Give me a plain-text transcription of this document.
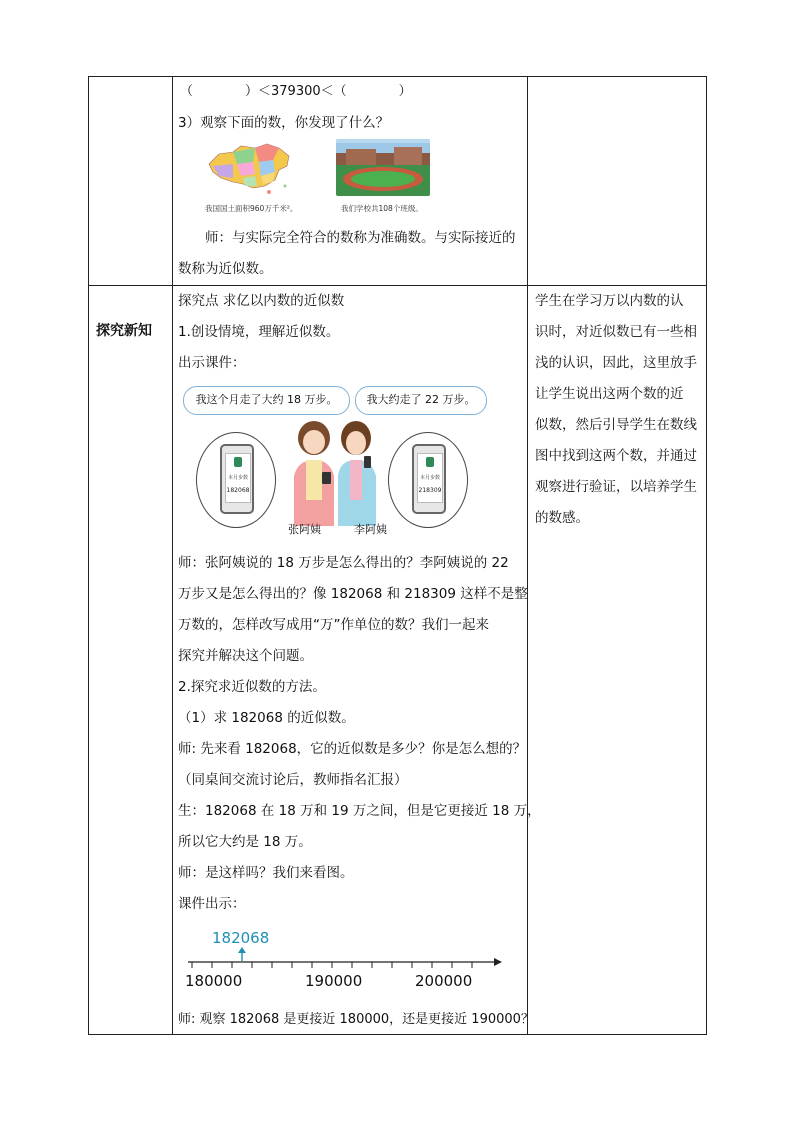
（　　　　）＜379300＜（　　　　）
3）观察下面的数，你发现了什么？
我国国土面积960万千米²。	我们学校共108个班级。
　　师：与实际完全符合的数称为准确数。与实际接近的
数称为近似数。
探究新知
探究点 求亿以内数的近似数
1.创设情境，理解近似数。
出示课件：
我这个月走了大约 18 万步。	我大约走了 22 万步。
本月步数
182068
本月步数
218309
张阿姨	李阿姨
师：张阿姨说的 18 万步是怎么得出的？李阿姨说的 22
万步又是怎么得出的？像 182068 和 218309 这样不是整
万数的，怎样改写成用“万”作单位的数？我们一起来
探究并解决这个问题。
2.探究求近似数的方法。
（1）求 182068 的近似数。
师: 先来看 182068，它的近似数是多少？你是怎么想的？
（同桌间交流讨论后，教师指名汇报）
生：182068 在 18 万和 19 万之间，但是它更接近 18 万，
所以它大约是 18 万。
师：是这样吗？我们来看图。
课件出示：
182068
180000	190000	200000
师: 观察 182068 是更接近 180000，还是更接近 190000？
学生在学习万以内数的认
识时，对近似数已有一些相
浅的认识，因此，这里放手
让学生说出这两个数的近
似数，然后引导学生在数线
图中找到这两个数，并通过
观察进行验证，以培养学生
的数感。
